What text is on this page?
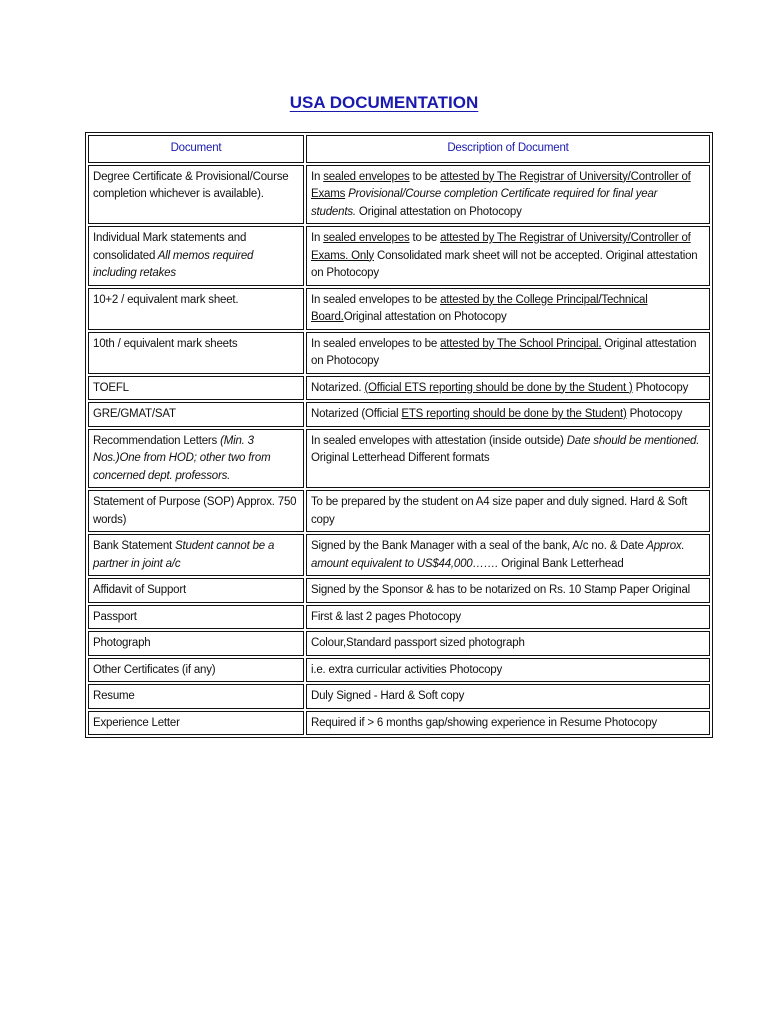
USA DOCUMENTATION
Document	Description of Document
Degree Certificate & Provisional/Course completion whichever is available).	In sealed envelopes to be attested by The Registrar of University/Controller of Exams Provisional/Course completion Certificate required for final year students. Original attestation on Photocopy
Individual Mark statements and consolidated All memos required including retakes	In sealed envelopes to be attested by The Registrar of University/Controller of Exams. Only Consolidated mark sheet will not be accepted. Original attestation on Photocopy
10+2 / equivalent mark sheet.	In sealed envelopes to be attested by the College Principal/Technical Board.Original attestation on Photocopy
10th / equivalent mark sheets	In sealed envelopes to be attested by The School Principal. Original attestation on Photocopy
TOEFL	Notarized. (Official ETS reporting should be done by the Student ) Photocopy
GRE/GMAT/SAT	Notarized (Official ETS reporting should be done by the Student) Photocopy
Recommendation Letters (Min. 3 Nos.)One from HOD; other two from concerned dept. professors.	In sealed envelopes with attestation (inside outside) Date should be mentioned. Original Letterhead Different formats
Statement of Purpose (SOP) Approx. 750 words)	To be prepared by the student on A4 size paper and duly signed. Hard & Soft copy
Bank Statement Student cannot be a partner in joint a/c	Signed by the Bank Manager with a seal of the bank, A/c no. & Date Approx. amount equivalent to US$44,000……. Original Bank Letterhead
Affidavit of Support	Signed by the Sponsor & has to be notarized on Rs. 10 Stamp Paper Original
Passport	First & last 2 pages Photocopy
Photograph	Colour,Standard passport sized photograph
Other Certificates (if any)	i.e. extra curricular activities Photocopy
Resume	Duly Signed - Hard & Soft copy
Experience Letter	Required if > 6 months gap/showing experience in Resume Photocopy
